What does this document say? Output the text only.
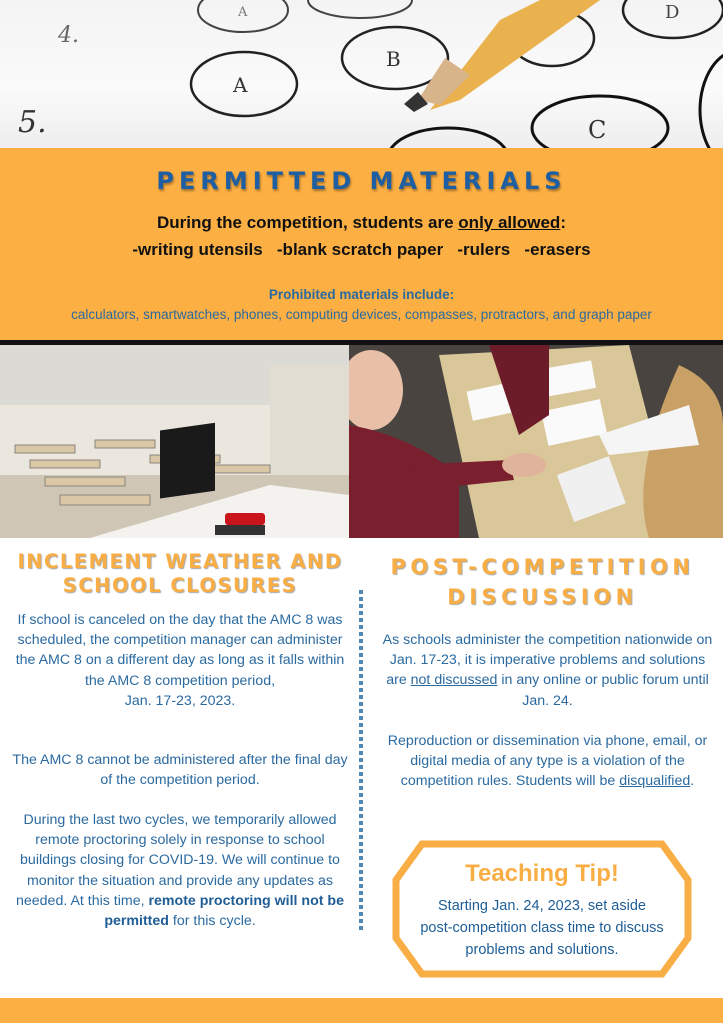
4.
5.
A
A
B
D
C
PERMITTED MATERIALS

During the competition, students are only allowed:

-writing utensils   -blank scratch paper   -rulers   -erasers

Prohibited materials include:

calculators, smartwatches, phones, computing devices, compasses, protractors, and graph paper

INCLEMENT WEATHER AND
SCHOOL CLOSURES

If school is canceled on the day that the AMC 8 was scheduled, the competition manager can administer the AMC 8 on a different day as long as it falls within the AMC 8 competition period,
Jan. 17-23, 2023.

The AMC 8 cannot be administered after the final day of the competition period.

During the last two cycles, we temporarily allowed remote proctoring solely in response to school buildings closing for COVID-19. We will continue to monitor the situation and provide any updates as needed. At this time, remote proctoring will not be permitted for this cycle.

POST-COMPETITION
DISCUSSION

As schools administer the competition nationwide on Jan. 17-23, it is imperative problems and solutions are not discussed in any online or public forum until Jan. 24.

Reproduction or dissemination via phone, email, or digital media of any type is a violation of the competition rules. Students will be disqualified.

Teaching Tip!
Starting Jan. 24, 2023, set aside
post-competition class time to discuss
problems and solutions.
